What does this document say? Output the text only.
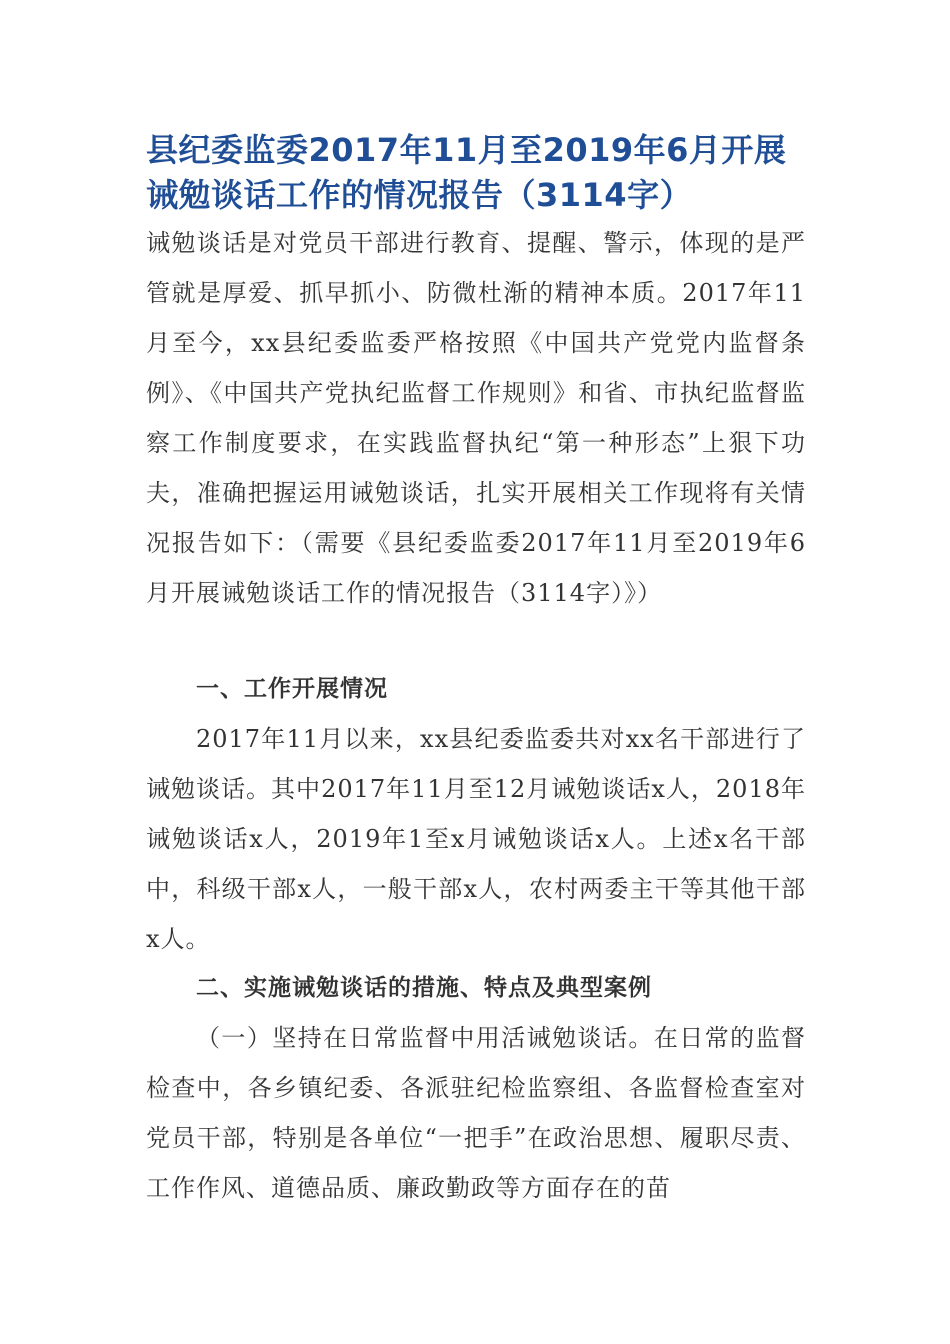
县纪委监委2017年11月至2019年6月开展诫勉谈话工作的情况报告（3114字）

诫勉谈话是对党员干部进行教育、提醒、警示，体现的是严管就是厚爱、抓早抓小、防微杜渐的精神本质。2017年11月至今，xx县纪委监委严格按照《中国共产党党内监督条例》、《中国共产党执纪监督工作规则》和省、市执纪监督监察工作制度要求，在实践监督执纪“第一种形态”上狠下功夫，准确把握运用诫勉谈话，扎实开展相关工作现将有关情况报告如下：（需要《县纪委监委2017年11月至2019年6月开展诫勉谈话工作的情况报告（3114字）》）

一、工作开展情况

2017年11月以来，xx县纪委监委共对xx名干部进行了诫勉谈话。其中2017年11月至12月诫勉谈话x人，2018年诫勉谈话x人，2019年1至x月诫勉谈话x人。上述x名干部中，科级干部x人，一般干部x人，农村两委主干等其他干部x人。

二、实施诫勉谈话的措施、特点及典型案例

（一）坚持在日常监督中用活诫勉谈话。在日常的监督检查中，各乡镇纪委、各派驻纪检监察组、各监督检查室对党员干部，特别是各单位“一把手”在政治思想、履职尽责、工作作风、道德品质、廉政勤政等方面存在的苗
